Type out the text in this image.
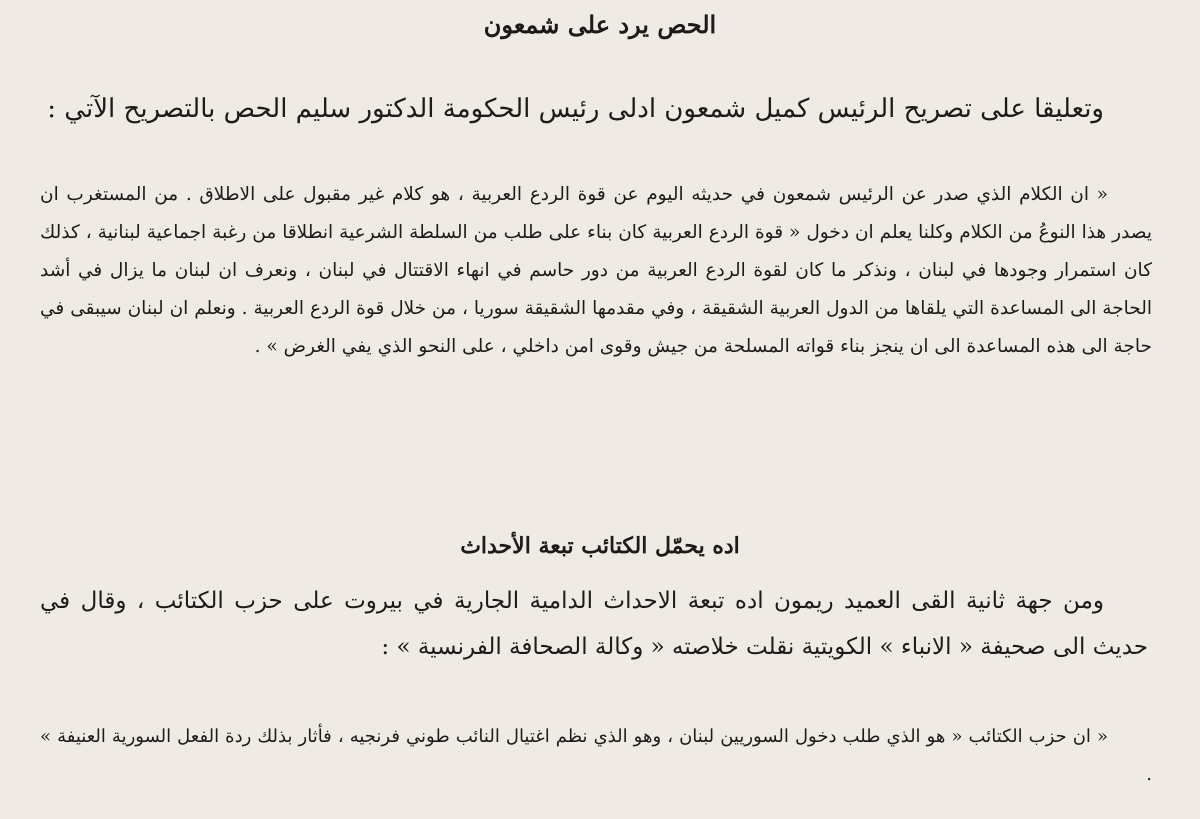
الحص يرد على شمعون

وتعليقا على تصريح الرئيس كميل شمعون ادلى رئيس الحكومة الدكتور سليم الحص بالتصريح الآتي :

« ان الكلام الذي صدر عن الرئيس شمعون في حديثه اليوم عن قوة الردع العربية ، هو كلام غير مقبول على الاطلاق . من المستغرب ان يصدر هذا النوعُ من الكلام وكلنا يعلم ان دخول « قوة الردع العربية كان بناء على طلب من السلطة الشرعية انطلاقا من رغبة اجماعية لبنانية ، كذلك كان استمرار وجودها في لبنان ، ونذكر ما كان لقوة الردع العربية من دور حاسم في انهاء الاقتتال في لبنان ، ونعرف ان لبنان ما يزال في أشد الحاجة الى المساعدة التي يلقاها من الدول العربية الشقيقة ، وفي مقدمها الشقيقة سوريا ، من خلال قوة الردع العربية . ونعلم ان لبنان سيبقى في حاجة الى هذه المساعدة الى ان ينجز بناء قواته المسلحة من جيش وقوى امن داخلي ، على النحو الذي يفي الغرض » .

اده يحمّل الكتائب تبعة الأحداث

ومن جهة ثانية القى العميد ريمون اده تبعة الاحداث الدامية الجارية في بيروت على حزب الكتائب ، وقال في حديث الى صحيفة « الانباء » الكويتية نقلت خلاصته « وكالة الصحافة الفرنسية » :

« ان حزب الكتائب « هو الذي طلب دخول السوريين لبنان ، وهو الذي نظم اغتيال النائب طوني فرنجيه ، فأثار بذلك ردة الفعل السورية العنيفة » .
